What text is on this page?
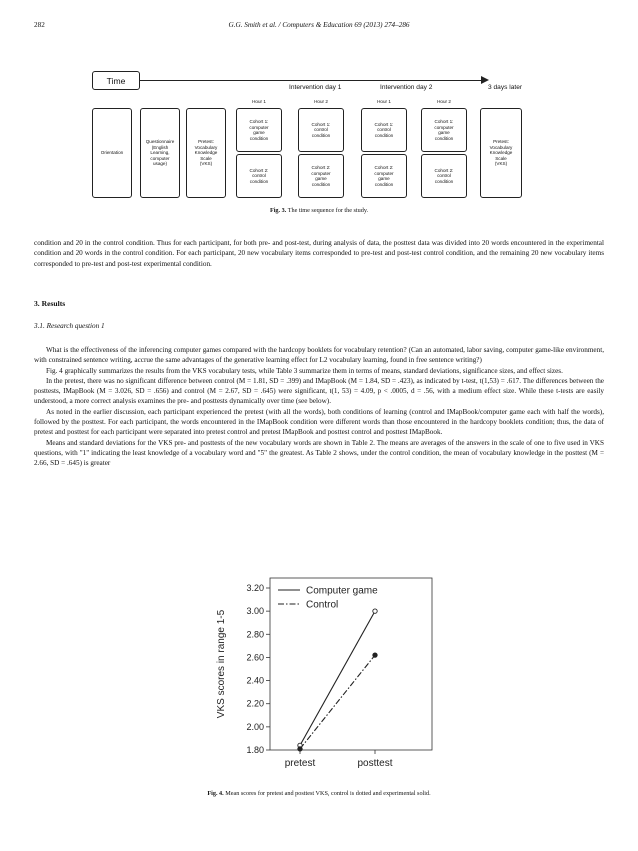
282	G.G. Smith et al. / Computers & Education 69 (2013) 274–286
Time
Intervention day 1	Intervention day 2	3 days later
Hour 1	Hour 2	Hour 1	Hour 2
Orientation
Questionnaire
(English
Learning,
computer
usage)
Pretest:
Vocabulary
Knowledge
Scale
(VKS)
Cohort 1:
computer
game
condition
Cohort 1:
control
condition
Cohort 1:
control
condition
Cohort 1:
computer
game
condition
Cohort 2:
control
condition
Cohort 2:
computer
game
condition
Cohort 2:
computer
game
condition
Cohort 2:
control
condition
Pretest:
Vocabulary
Knowledge
Scale
(VKS)
Fig. 3. The time sequence for the study.

condition and 20 in the control condition. Thus for each participant, for both pre- and post-test, during analysis of data, the posttest data was divided into 20 words encountered in the experimental condition and 20 words in the control condition. For each participant, 20 new vocabulary items corresponded to pre-test and post-test control condition, and the remaining 20 new vocabulary items corresponded to pre-test and post-test experimental condition.

3. Results
3.1. Research question 1

What is the effectiveness of the inferencing computer games compared with the hardcopy booklets for vocabulary retention? (Can an automated, labor saving, computer game-like environment, with constrained sentence writing, accrue the same advantages of the generative learning effect for L2 vocabulary learning, found in free sentence writing?)

Fig. 4 graphically summarizes the results from the VKS vocabulary tests, while Table 3 summarize them in terms of means, standard deviations, significance sizes, and effect sizes.

In the pretest, there was no significant difference between control (M = 1.81, SD = .399) and IMapBook (M = 1.84, SD = .423), as indicated by t-test, t(1,53) = .617. The differences between the posttests, IMapBook (M = 3.026, SD = .656) and control (M = 2.67, SD = .645) were significant, t(1, 53) = 4.09, p < .0005, d = .56, with a medium effect size. While these t-tests are easily understood, a more correct analysis examines the pre- and posttests dynamically over time (see below).

As noted in the earlier discussion, each participant experienced the pretest (with all the words), both conditions of learning (control and IMapBook/computer game each with half the words), followed by the posttest. For each participant, the words encountered in the IMapBook condition were different words than those encountered in the hardcopy booklets condition; thus, the data of pretest and posttest for each participant were separated into pretest control and pretest IMapBook and posttest control and posttest IMapBook.

Means and standard deviations for the VKS pre- and posttests of the new vocabulary words are shown in Table 2. The means are averages of the answers in the scale of one to five used in VKS questions, with "1" indicating the least knowledge of a vocabulary word and "5" the greatest. As Table 2 shows, under the control condition, the mean of vocabulary knowledge in the posttest (M = 2.66, SD = .645) is greater

1.80
2.00
2.20
2.40
2.60
2.80
3.00
3.20
pretest	posttest
VKS scores in range 1-5
Computer game
Control
Fig. 4. Mean scores for pretest and posttest VKS, control is dotted and experimental solid.
